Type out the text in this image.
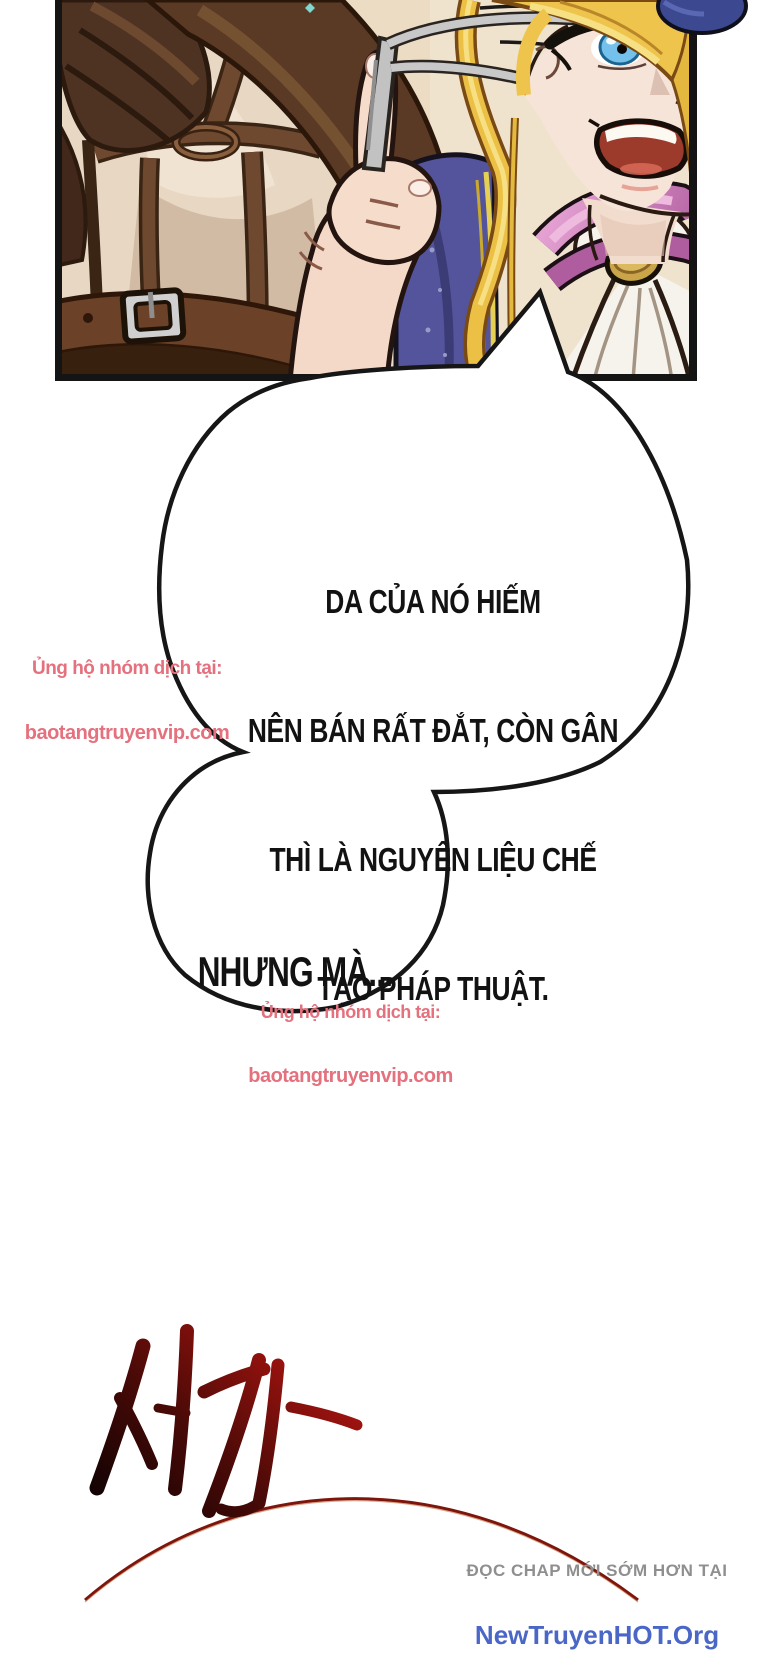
DA CỦA NÓ HIẾM

NÊN BÁN RẤT ĐẮT, CÒN GÂN

THÌ LÀ NGUYÊN LIỆU CHẾ

TẠO PHÁP THUẬT.

NHƯNG MÀ...

Ủng hộ nhóm dịch tại:

baotangtruyenvip.com

Ủng hộ nhóm dịch tại:

baotangtruyenvip.com

ĐỌC CHAP MỚI SỚM HƠN TẠI

NewTruyenHOT.Org
